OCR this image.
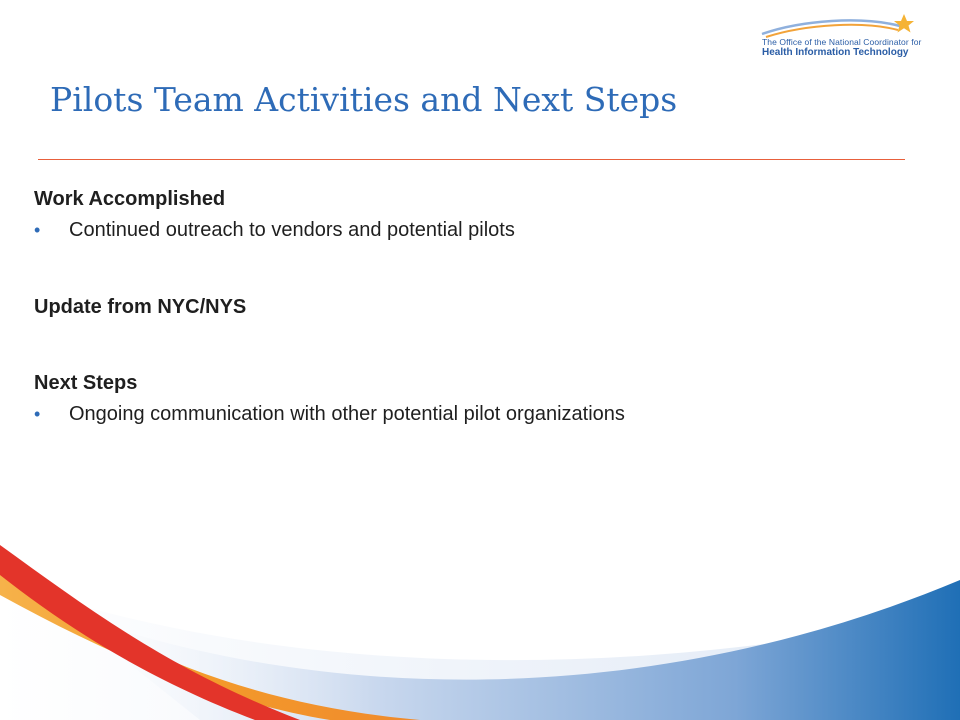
The Office of the National Coordinator for
Health Information Technology
Pilots Team Activities and Next Steps
Work Accomplished
• Continued outreach to vendors and potential pilots
Update from NYC/NYS
Next Steps
• Ongoing communication with other potential pilot organizations
